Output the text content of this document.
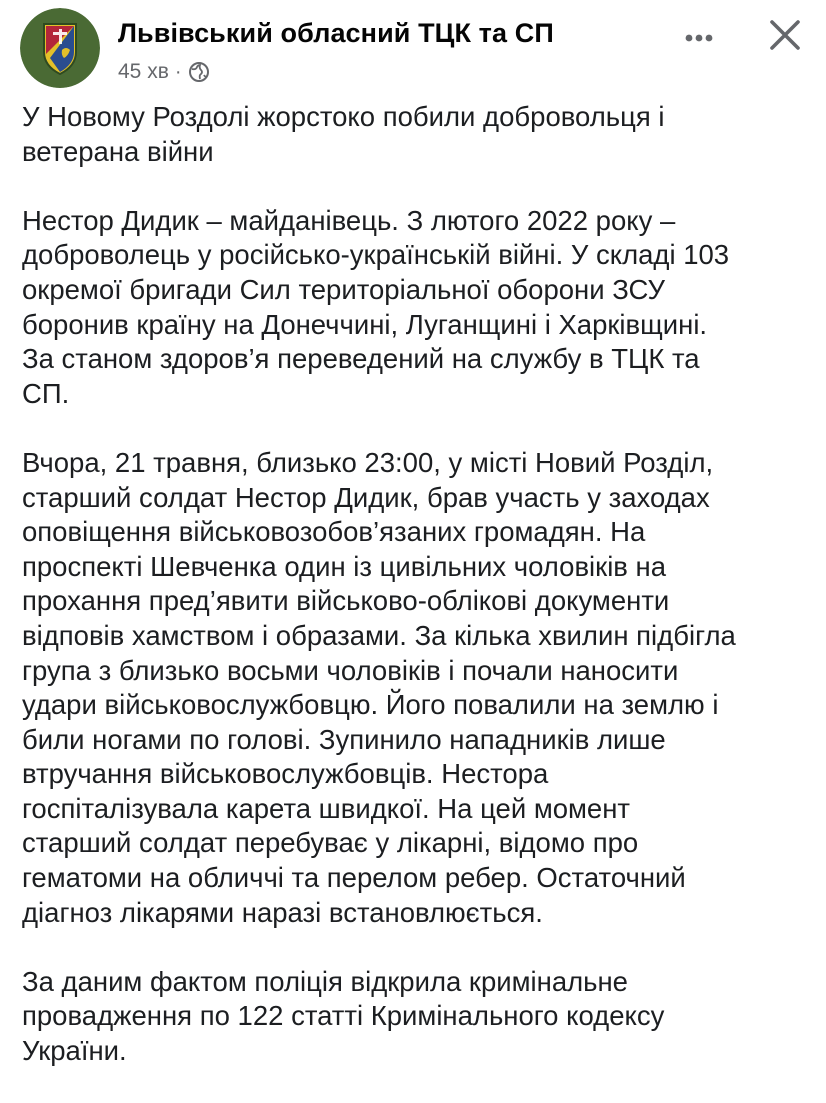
Львівський обласний ТЦК та СП
45 хв ·

У Новому Роздолі жорстоко побили добровольця і
ветерана війни

Нестор Дидик – майданівець. З лютого 2022 року –
доброволець у російсько-українській війні. У складі 103
окремої бригади Сил територіальної оборони ЗСУ
боронив країну на Донеччині, Луганщині і Харківщині.
За станом здоров’я переведений на службу в ТЦК та
СП.

Вчора, 21 травня, близько 23:00, у місті Новий Розділ,
старший солдат Нестор Дидик, брав участь у заходах
оповіщення військовозобов’язаних громадян. На
проспекті Шевченка один із цивільних чоловіків на
прохання пред’явити військово-облікові документи
відповів хамством і образами. За кілька хвилин підбігла
група з близько восьми чоловіків і почали наносити
удари військовослужбовцю. Його повалили на землю і
били ногами по голові. Зупинило нападників лише
втручання військовослужбовців. Нестора
госпіталізувала карета швидкої. На цей момент
старший солдат перебуває у лікарні, відомо про
гематоми на обличчі та перелом ребер. Остаточний
діагноз лікарями наразі встановлюється.

За даним фактом поліція відкрила кримінальне
провадження по 122 статті Кримінального кодексу
України.
